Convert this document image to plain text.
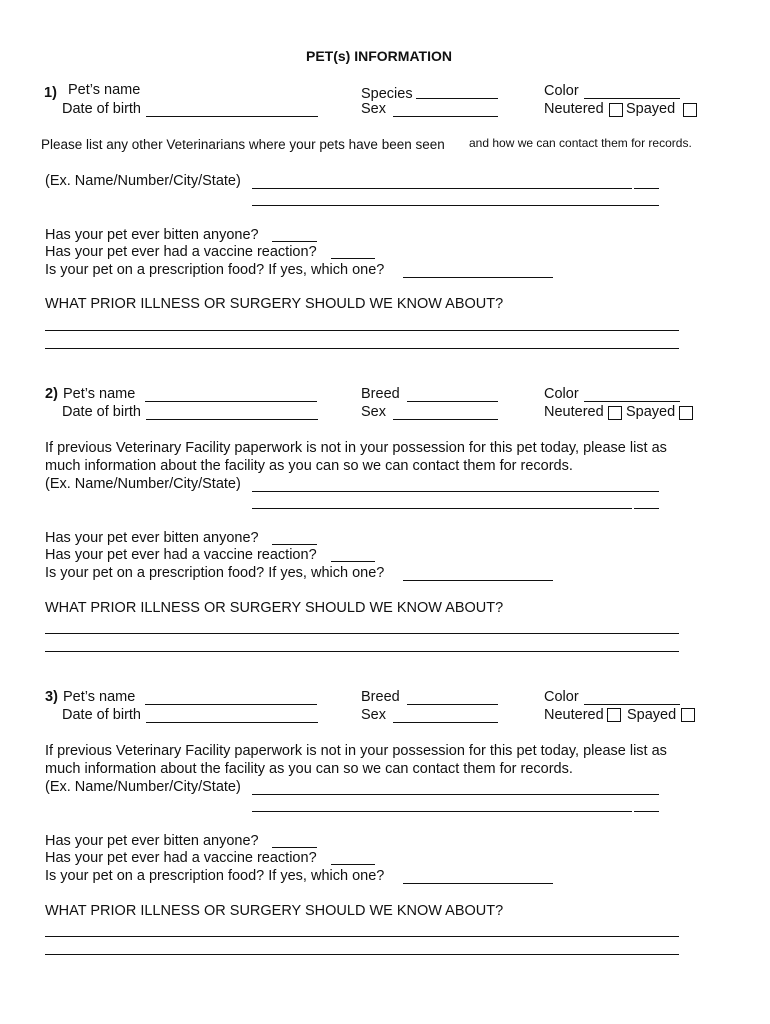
PET(s) INFORMATION
1) Pet’s name
Date of birth
Species
Sex
Color
Neutered Spayed
Please list any other Veterinarians where your pets have been seen and how we can contact them for records.
(Ex. Name/Number/City/State)
Has your pet ever bitten anyone?
Has your pet ever had a vaccine reaction?
Is your pet on a prescription food? If yes, which one?
WHAT PRIOR ILLNESS OR SURGERY SHOULD WE KNOW ABOUT?
2) Pet’s name
Date of birth
Breed
Sex
Color
Neutered Spayed
If previous Veterinary Facility paperwork is not in your possession for this pet today, please list as
much information about the facility as you can so we can contact them for records.
(Ex. Name/Number/City/State)
Has your pet ever bitten anyone?
Has your pet ever had a vaccine reaction?
Is your pet on a prescription food? If yes, which one?
WHAT PRIOR ILLNESS OR SURGERY SHOULD WE KNOW ABOUT?
3) Pet’s name
Date of birth
Breed
Sex
Color
Neutered Spayed
If previous Veterinary Facility paperwork is not in your possession for this pet today, please list as
much information about the facility as you can so we can contact them for records.
(Ex. Name/Number/City/State)
Has your pet ever bitten anyone?
Has your pet ever had a vaccine reaction?
Is your pet on a prescription food? If yes, which one?
WHAT PRIOR ILLNESS OR SURGERY SHOULD WE KNOW ABOUT?
